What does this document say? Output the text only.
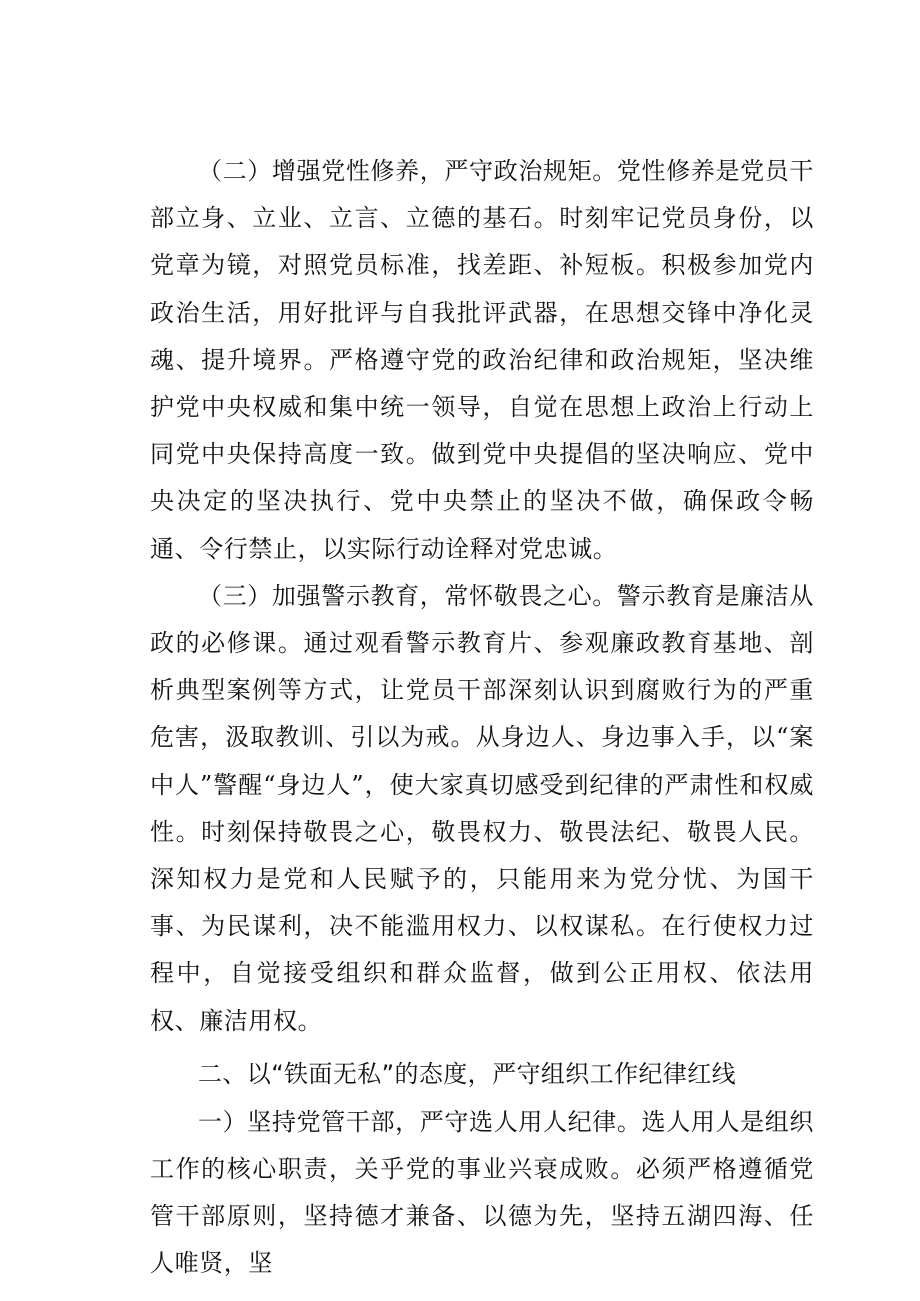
（二）增强党性修养，严守政治规矩。党性修养是党员干部立身、立业、立言、立德的基石。时刻牢记党员身份，以党章为镜，对照党员标准，找差距、补短板。积极参加党内政治生活，用好批评与自我批评武器，在思想交锋中净化灵魂、提升境界。严格遵守党的政治纪律和政治规矩，坚决维护党中央权威和集中统一领导，自觉在思想上政治上行动上同党中央保持高度一致。做到党中央提倡的坚决响应、党中央决定的坚决执行、党中央禁止的坚决不做，确保政令畅通、令行禁止，以实际行动诠释对党忠诚。

（三）加强警示教育，常怀敬畏之心。警示教育是廉洁从政的必修课。通过观看警示教育片、参观廉政教育基地、剖析典型案例等方式，让党员干部深刻认识到腐败行为的严重危害，汲取教训、引以为戒。从身边人、身边事入手，以“案中人”警醒“身边人”，使大家真切感受到纪律的严肃性和权威性。时刻保持敬畏之心，敬畏权力、敬畏法纪、敬畏人民。深知权力是党和人民赋予的，只能用来为党分忧、为国干事、为民谋利，决不能滥用权力、以权谋私。在行使权力过程中，自觉接受组织和群众监督，做到公正用权、依法用权、廉洁用权。

二、以“铁面无私”的态度，严守组织工作纪律红线

一）坚持党管干部，严守选人用人纪律。选人用人是组织工作的核心职责，关乎党的事业兴衰成败。必须严格遵循党管干部原则，坚持德才兼备、以德为先，坚持五湖四海、任人唯贤，坚
